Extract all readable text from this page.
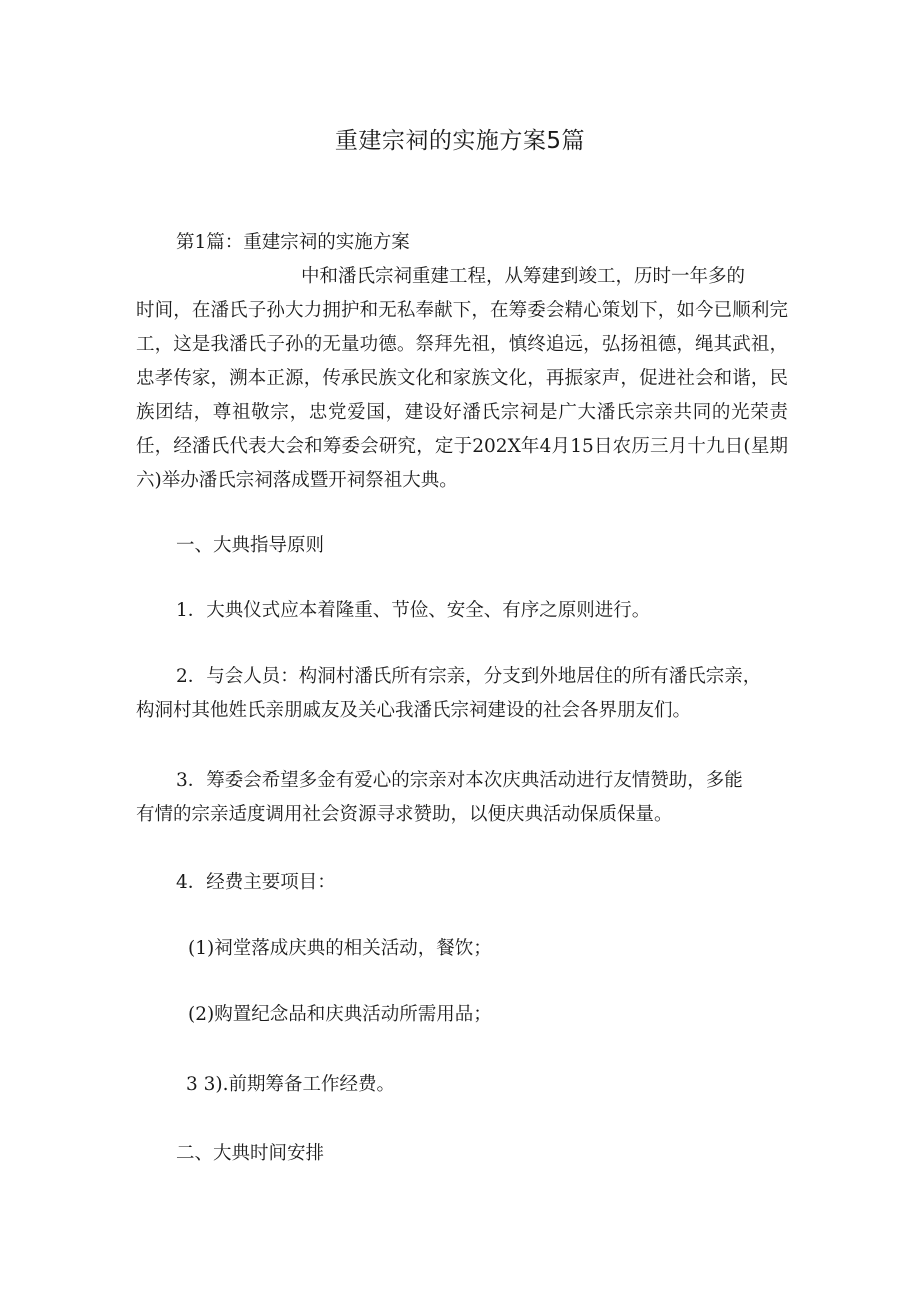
重建宗祠的实施方案5篇
第1篇：重建宗祠的实施方案
中和潘氏宗祠重建工程，从筹建到竣工，历时一年多的
时间，在潘氏子孙大力拥护和无私奉献下，在筹委会精心策划下，如今已顺利完工，这是我潘氏子孙的无量功德。祭拜先祖，慎终追远，弘扬祖德，绳其武祖，忠孝传家，溯本正源，传承民族文化和家族文化，再振家声，促进社会和谐，民族团结，尊祖敬宗，忠党爱国，建设好潘氏宗祠是广大潘氏宗亲共同的光荣责任，经潘氏代表大会和筹委会研究，定于202X年4月15日农历三月十九日(星期六)举办潘氏宗祠落成暨开祠祭祖大典。
一、大典指导原则
1．大典仪式应本着隆重、节俭、安全、有序之原则进行。
2．与会人员：构洞村潘氏所有宗亲，分支到外地居住的所有潘氏宗亲，
构洞村其他姓氏亲朋戚友及关心我潘氏宗祠建设的社会各界朋友们。
3．筹委会希望多金有爱心的宗亲对本次庆典活动进行友情赞助，多能
有情的宗亲适度调用社会资源寻求赞助，以便庆典活动保质保量。
4．经费主要项目：
(1)祠堂落成庆典的相关活动，餐饮；
(2)购置纪念品和庆典活动所需用品；
3 3).前期筹备工作经费。
二、大典时间安排
